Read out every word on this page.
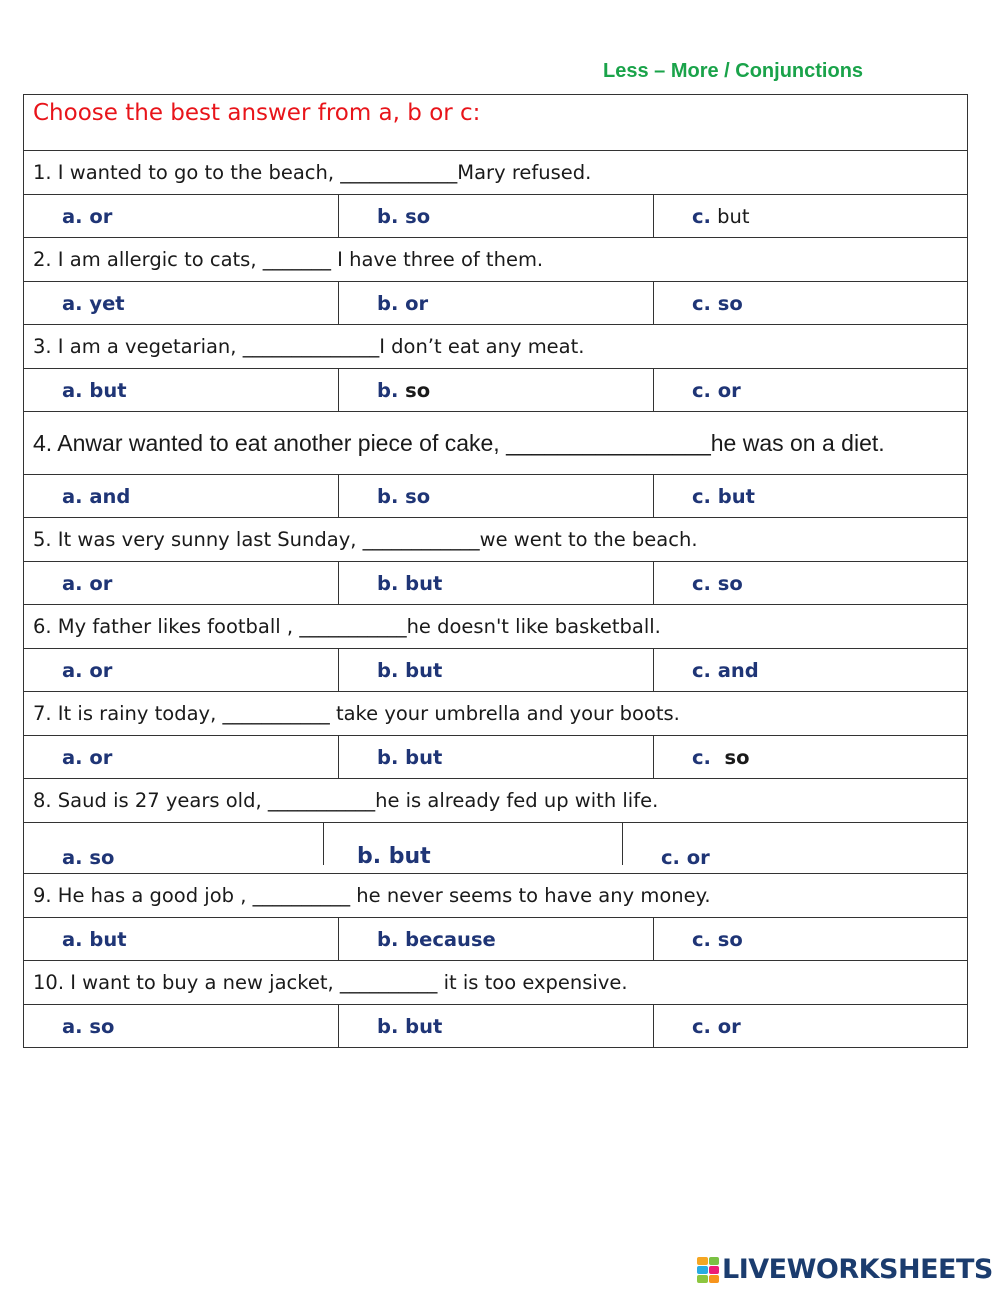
Less – More / Conjunctions
Choose the best answer from a, b or c:		
1. I wanted to go to the beach, ____________Mary refused.		
a. or	b. so	c. but
2. I am allergic to cats, _______ I have three of them.		
a. yet	b. or	c. so
3. I am a vegetarian, ______________I don’t eat any meat.		
a. but	b. so	c. or
4. Anwar wanted to eat another piece of cake, ________________he was on a diet.		
a. and	b. so	c. but
5. It was very sunny last Sunday, ____________we went to the beach.		
a. or	b. but	c. so
6. My father likes football , ___________he doesn't like basketball.		
a. or	b. but	c. and
7. It is rainy today, ___________ take your umbrella and your boots.		
a. or	b. but	c.  so
8. Saud is 27 years old, ___________he is already fed up with life.		

a. so b. but c. or		

9. He has a good job , __________ he never seems to have any money.		
a. but	b. because	c. so
10. I want to buy a new jacket, __________ it is too expensive.		
a. so	b. but	c. or
LIVEWORKSHEETS
